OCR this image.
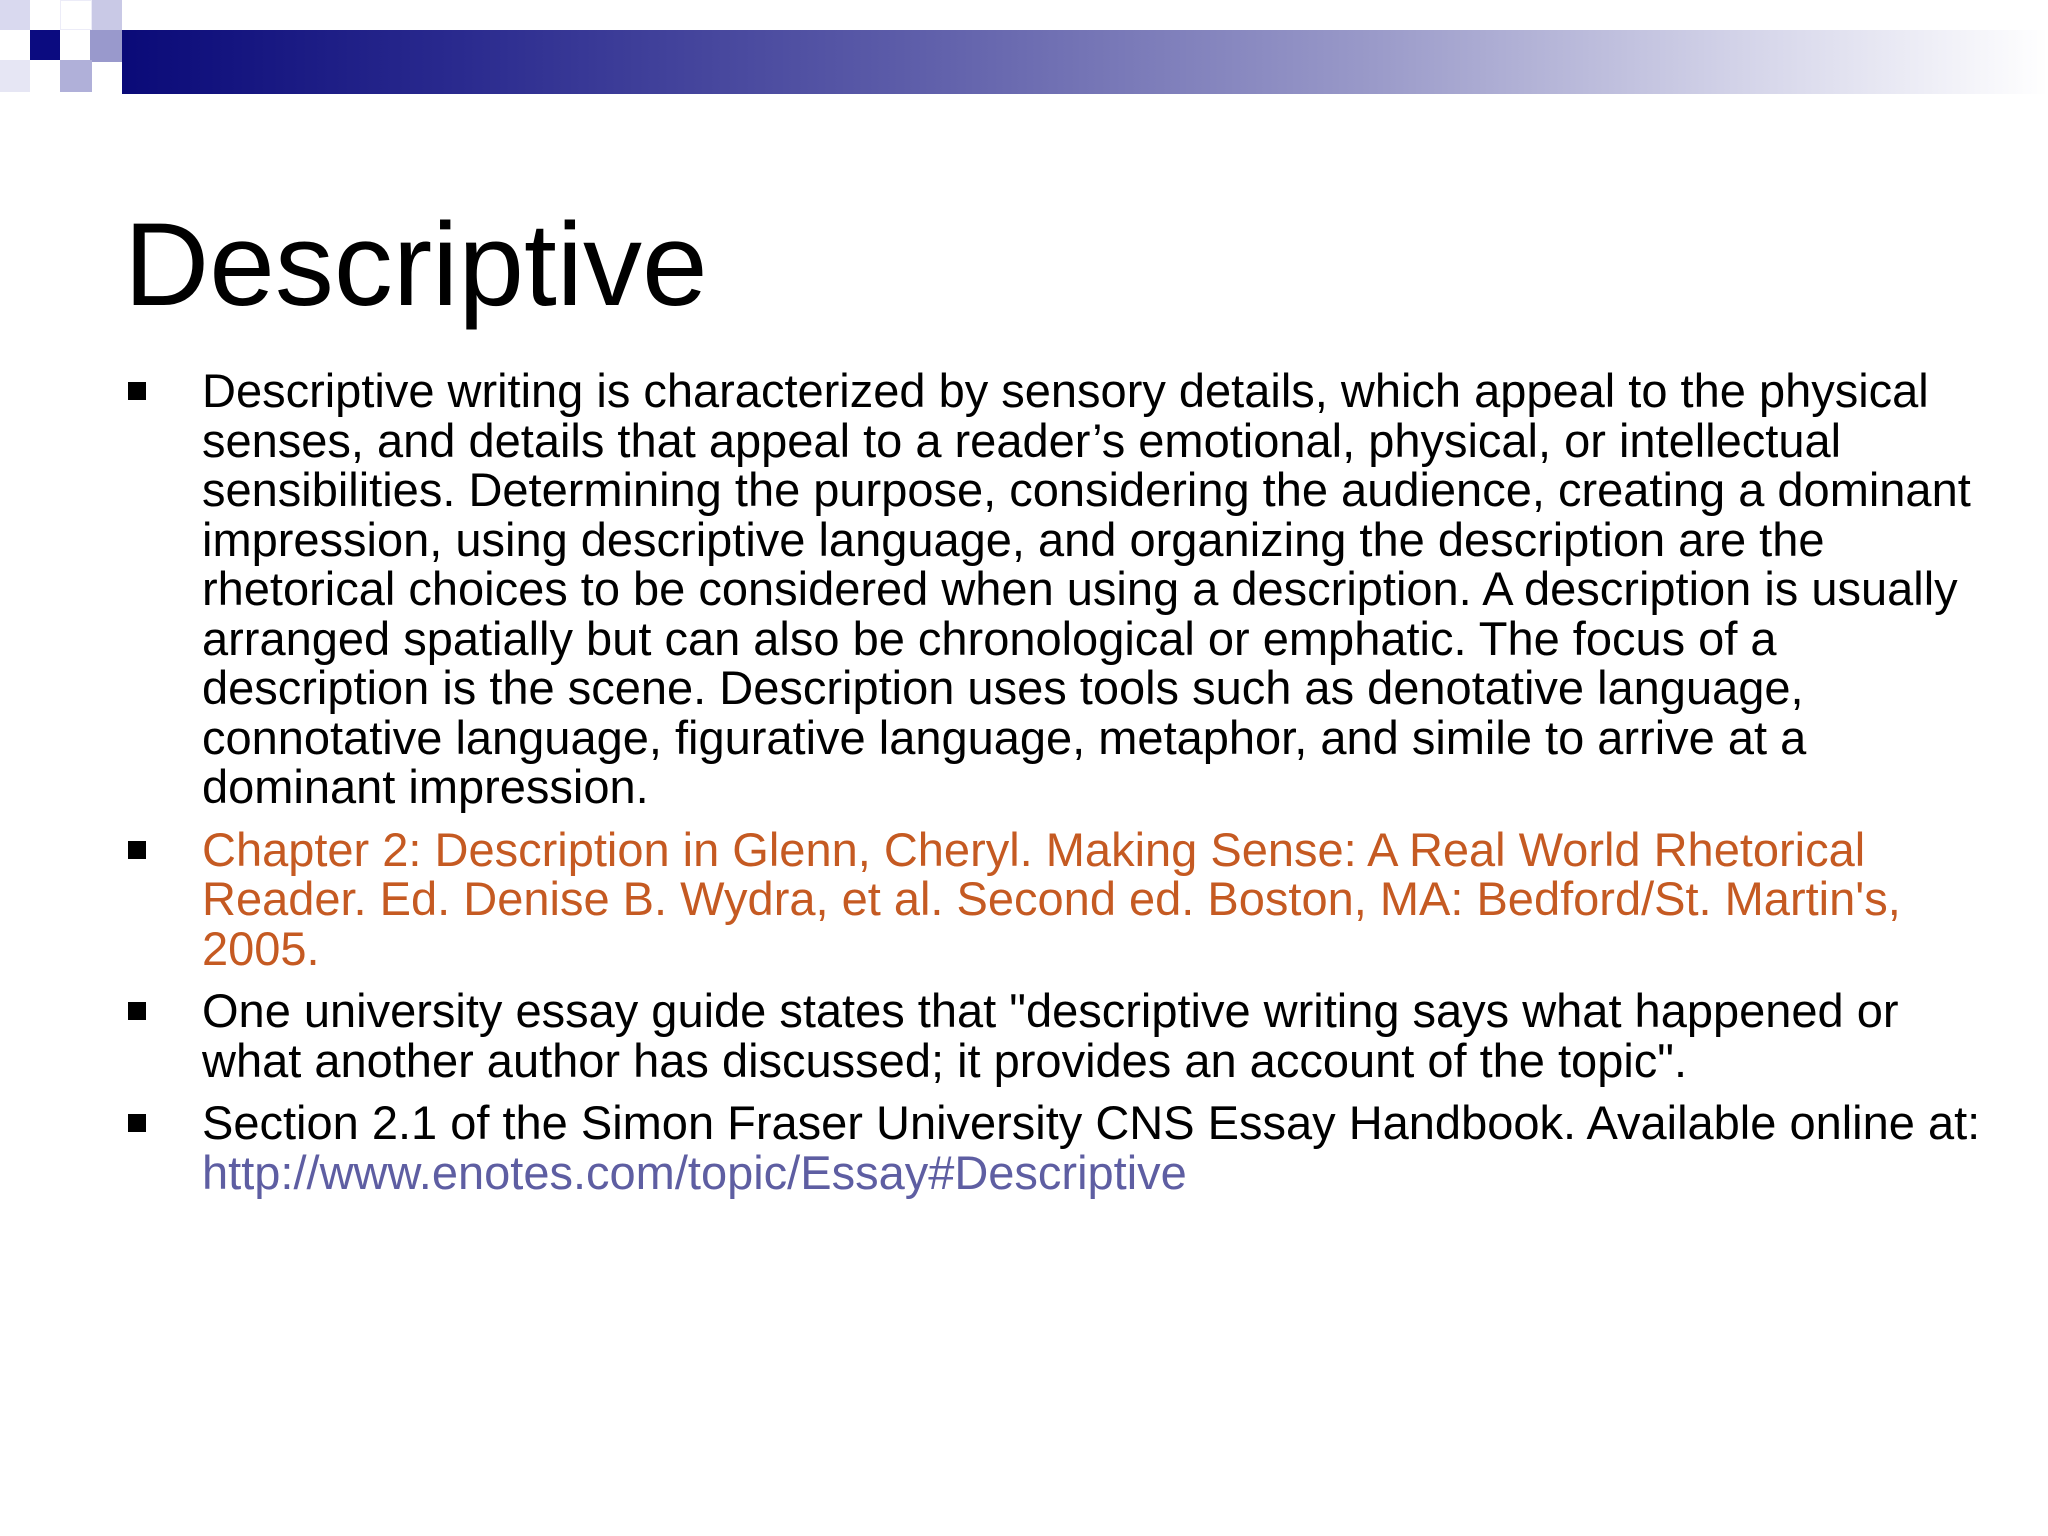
Descriptive
Descriptive writing is characterized by sensory details, which appeal to the physical senses, and details that appeal to a reader’s emotional, physical, or intellectual sensibilities. Determining the purpose, considering the audience, creating a dominant impression, using descriptive language, and organizing the description are the rhetorical choices to be considered when using a description. A description is usually arranged spatially but can also be chronological or emphatic. The focus of a description is the scene. Description uses tools such as denotative language, connotative language, figurative language, metaphor, and simile to arrive at a dominant impression.
Chapter 2: Description in Glenn, Cheryl. Making Sense: A Real World Rhetorical Reader. Ed. Denise B. Wydra, et al. Second ed. Boston, MA: Bedford/St. Martin's, 2005.
One university essay guide states that "descriptive writing says what happened or what another author has discussed; it provides an account of the topic".
Section 2.1 of the Simon Fraser University CNS Essay Handbook. Available online at: http://www.enotes.com/topic/Essay#Descriptive
